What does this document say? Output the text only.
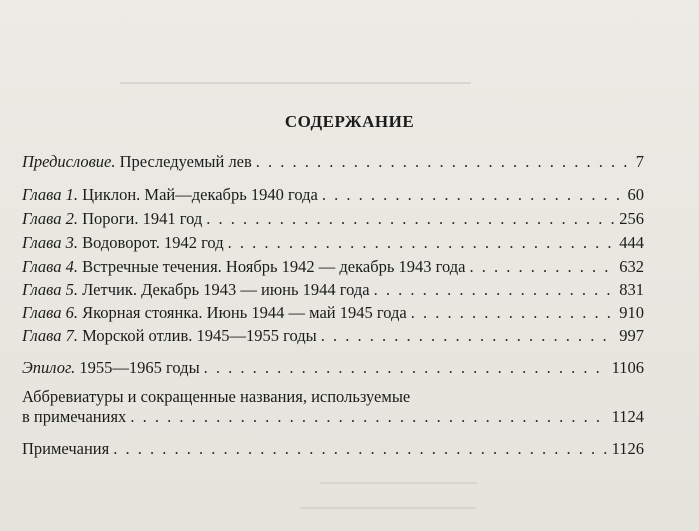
▁▁▁▁▁▁▁▁▁▁▁▁▁▁▁▁▁▁▁▁▁▁▁▁▁▁▁▁▁▁▁▁▁▁▁▁▁▁
▁▁▁▁▁▁▁▁▁▁▁▁▁▁▁▁▁
▁▁▁▁▁▁▁▁▁▁▁▁▁▁▁▁▁▁▁
СОДЕРЖАНИЕ
Предисловие. Преследуемый лев . . .	7
Глава 1. Циклон. Май—декабрь 1940 года . . .	60
Глава 2. Пороги. 1941 год . . .	256
Глава 3. Водоворот. 1942 год . . .	444
Глава 4. Встречные течения. Ноябрь 1942 — декабрь 1943 года . . .	632
Глава 5. Летчик. Декабрь 1943 — июнь 1944 года . . .	831
Глава 6. Якорная стоянка. Июнь 1944 — май 1945 года . . .	910
Глава 7. Морской отлив. 1945—1955 годы . . .	997
Эпилог. 1955—1965 годы . . .	1106
Аббревиатуры и сокращенные названия, используемые
в примечаниях . . .	1124
Примечания . . .	1126
